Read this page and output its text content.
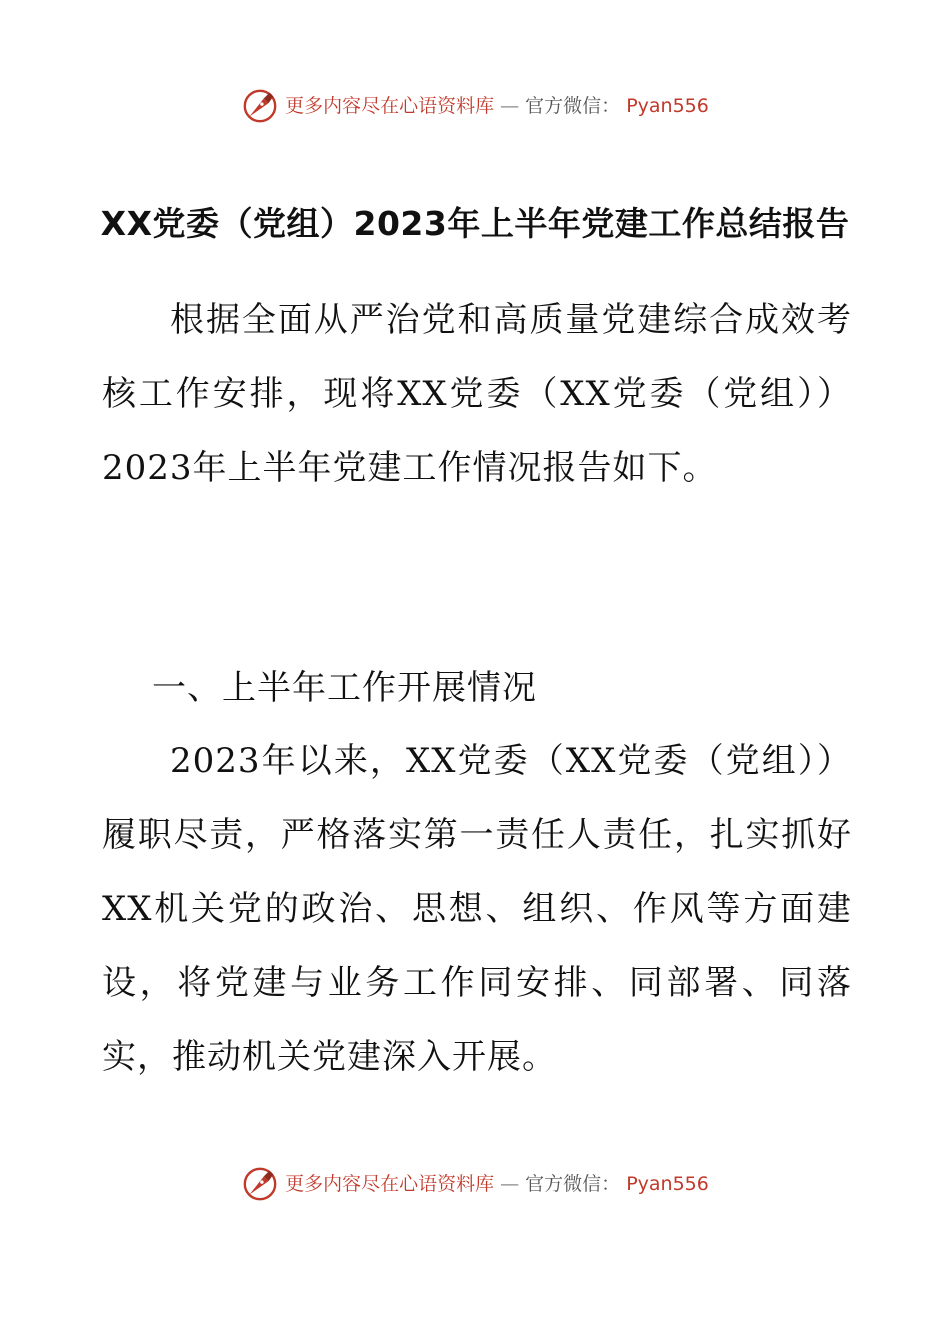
更多内容尽在心语资料库 — 官方微信： Pyan556
XX党委（党组）2023年上半年党建工作总结报告

根据全面从严治党和高质量党建综合成效考核工作安排，现将XX党委（XX党委（党组））2023年上半年党建工作情况报告如下。

一、上半年工作开展情况

2023年以来，XX党委（XX党委（党组））履职尽责，严格落实第一责任人责任，扎实抓好XX机关党的政治、思想、组织、作风等方面建设，将党建与业务工作同安排、同部署、同落实，推动机关党建深入开展。

更多内容尽在心语资料库 — 官方微信： Pyan556
